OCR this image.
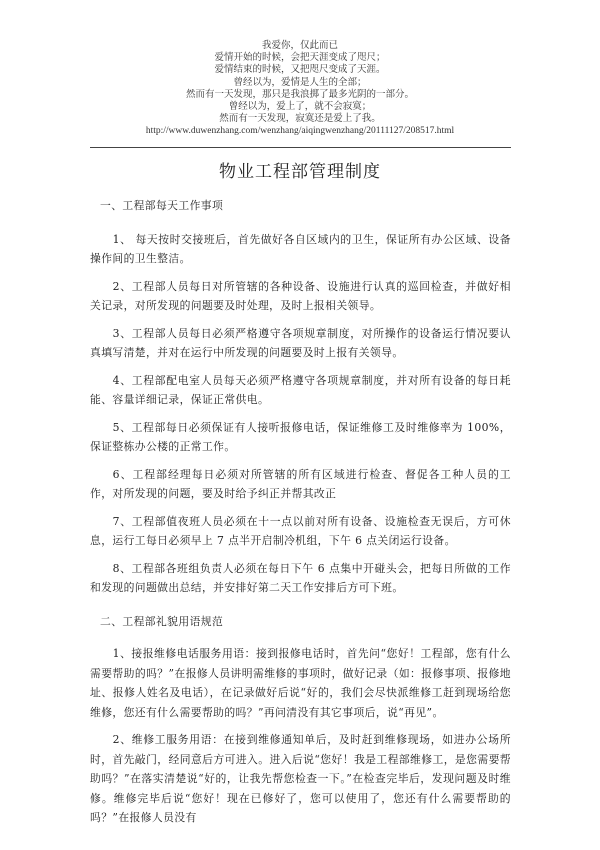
我爱你，仅此而已
爱情开始的时候，会把天涯变成了咫尺；
爱情结束的时候，又把咫尺变成了天涯。
曾经以为，爱情是人生的全部；
然而有一天发现，那只是我浪掷了最多光阴的一部分。
曾经以为，爱上了，就不会寂寞；
然而有一天发现，寂寞还是爱上了我。
http://www.duwenzhang.com/wenzhang/aiqingwenzhang/20111127/208517.html
物业工程部管理制度
一、工程部每天工作事项

1、 每天按时交接班后，首先做好各自区域内的卫生，保证所有办公区域、设备操作间的卫生整洁。

2、工程部人员每日对所管辖的各种设备、设施进行认真的巡回检查，并做好相关记录，对所发现的问题要及时处理，及时上报相关领导。

3、工程部人员每日必须严格遵守各项规章制度，对所操作的设备运行情况要认真填写清楚，并对在运行中所发现的问题要及时上报有关领导。

4、工程部配电室人员每天必须严格遵守各项规章制度，并对所有设备的每日耗能、容量详细记录，保证正常供电。

5、工程部每日必须保证有人接听报修电话，保证维修工及时维修率为 100%，保证整栋办公楼的正常工作。

6、工程部经理每日必须对所管辖的所有区域进行检查、督促各工种人员的工作，对所发现的问题，要及时给予纠正并帮其改正

7、工程部值夜班人员必须在十一点以前对所有设备、设施检查无误后，方可休息，运行工每日必须早上 7 点半开启制冷机组，下午 6 点关闭运行设备。

8、工程部各班组负责人必须在每日下午 6 点集中开碰头会，把每日所做的工作和发现的问题做出总结，并安排好第二天工作安排后方可下班。

二、工程部礼貌用语规范

1、接报维修电话服务用语：接到报修电话时，首先问“您好！工程部，您有什么需要帮助的吗？”在报修人员讲明需维修的事项时，做好记录（如：报修事项、报修地址、报修人姓名及电话），在记录做好后说“好的，我们会尽快派维修工赶到现场给您维修，您还有什么需要帮助的吗？”再问清没有其它事项后，说“再见”。

2、维修工服务用语：在接到维修通知单后，及时赶到维修现场，如进办公场所时，首先敲门，经同意后方可进入。进入后说“您好！我是工程部维修工，是您需要帮助吗？”在落实清楚说“好的，让我先帮您检查一下。”在检查完毕后，发现问题及时维修。维修完毕后说“您好！现在已修好了，您可以使用了，您还有什么需要帮助的吗？”在报修人员没有
